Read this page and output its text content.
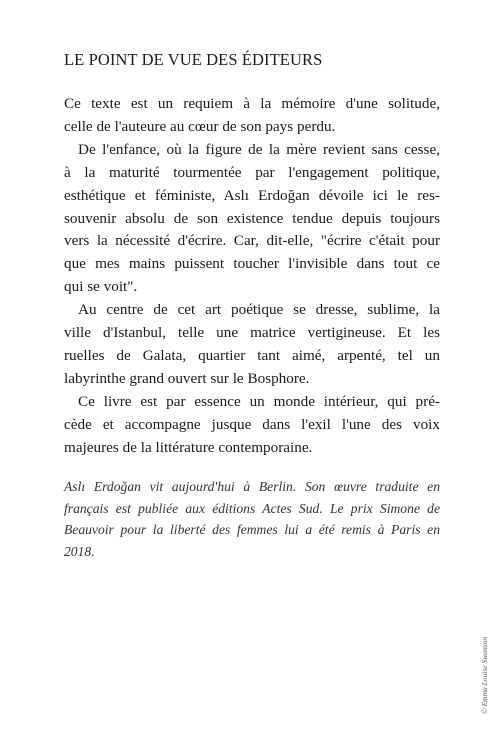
LE POINT DE VUE DES ÉDITEURS
Ce texte est un requiem à la mémoire d'une solitude,
celle de l'auteure au cœur de son pays perdu.
De l'enfance, où la figure de la mère revient sans cesse,
à la maturité tourmentée par l'engagement politique,
esthétique et féministe, Aslı Erdoğan dévoile ici le res-
souvenir absolu de son existence tendue depuis toujours
vers la nécessité d'écrire. Car, dit-elle, "écrire c'était pour
que mes mains puissent toucher l'invisible dans tout ce
qui se voit".
Au centre de cet art poétique se dresse, sublime, la
ville d'Istanbul, telle une matrice vertigineuse. Et les
ruelles de Galata, quartier tant aimé, arpenté, tel un
labyrinthe grand ouvert sur le Bosphore.
Ce livre est par essence un monde intérieur, qui pré-
cède et accompagne jusque dans l'exil l'une des voix
majeures de la littérature contemporaine.
Aslı Erdoğan vit aujourd'hui à Berlin. Son œuvre traduite en
français est publiée aux éditions Actes Sud. Le prix Simone de
Beauvoir pour la liberté des femmes lui a été remis à Paris en
2018.
© Emma Louise Swanson
